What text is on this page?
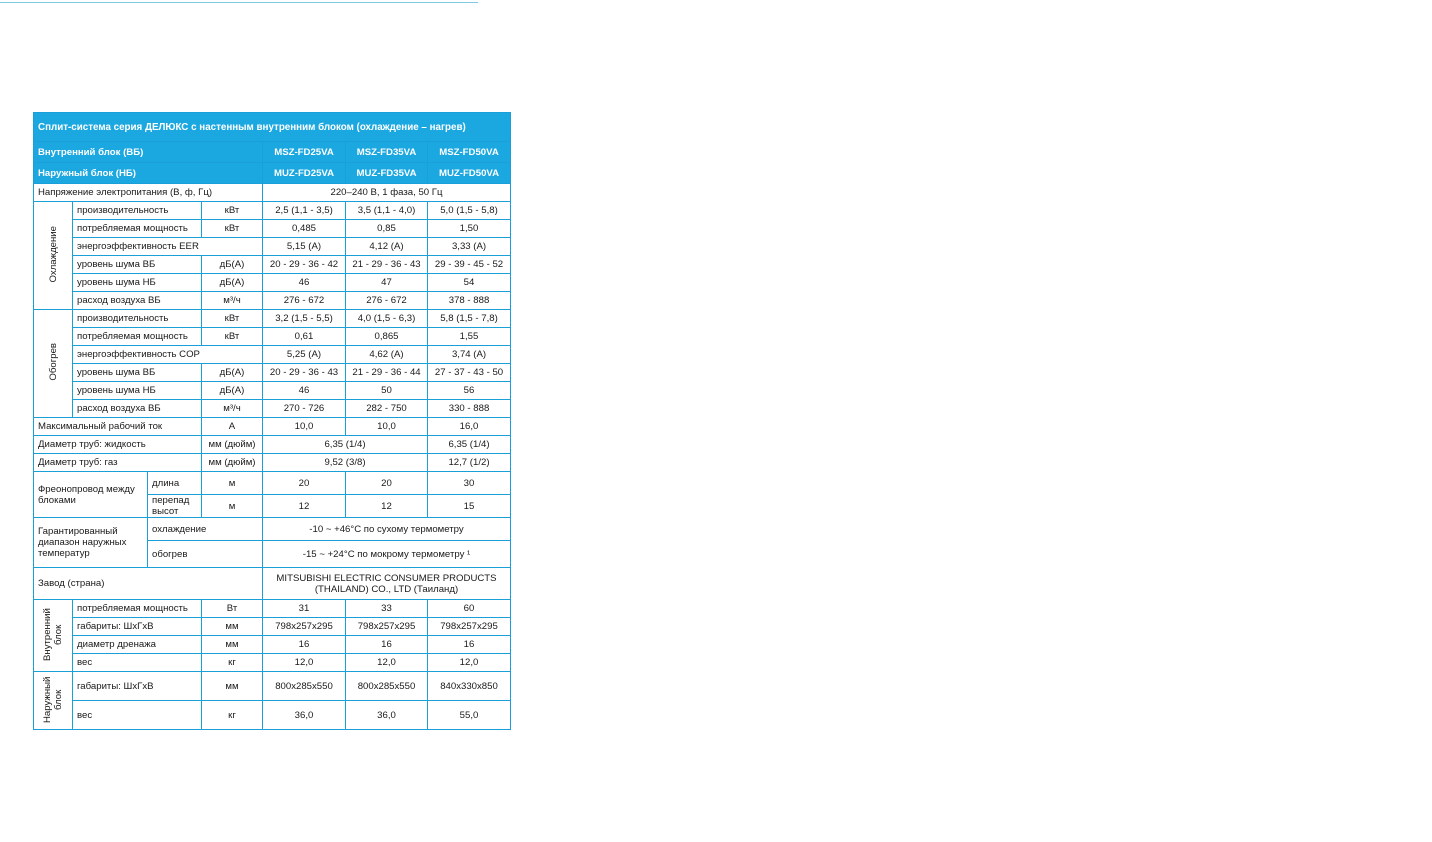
Сплит-система серия ДЕЛЮКС с настенным внутренним блоком (охлаждение – нагрев)						
Внутренний блок (ВБ)				MSZ-FD25VA	MSZ-FD35VA	MSZ-FD50VA
Наружный блок (НБ)				MUZ-FD25VA	MUZ-FD35VA	MUZ-FD50VA
Напряжение электропитания (В, ф, Гц)				220–240 В, 1 фаза, 50 Гц		
Охлаждение	производительность		кВт	2,5 (1,1 - 3,5)	3,5 (1,1 - 4,0)	5,0 (1,5 - 5,8)
	потребляемая мощность		кВт	0,485	0,85	1,50
	энергоэффективность EER			5,15 (A)	4,12 (A)	3,33 (A)
	уровень шума ВБ		дБ(А)	20 - 29 - 36 - 42	21 - 29 - 36 - 43	29 - 39 - 45 - 52
	уровень шума НБ		дБ(А)	46	47	54
	расход воздуха ВБ		м³/ч	276 - 672	276 - 672	378 - 888
Обогрев	производительность		кВт	3,2 (1,5 - 5,5)	4,0 (1,5 - 6,3)	5,8 (1,5 - 7,8)
	потребляемая мощность		кВт	0,61	0,865	1,55
	энергоэффективность COP			5,25 (A)	4,62 (A)	3,74 (A)
	уровень шума ВБ		дБ(А)	20 - 29 - 36 - 43	21 - 29 - 36 - 44	27 - 37 - 43 - 50
	уровень шума НБ		дБ(А)	46	50	56
	расход воздуха ВБ		м³/ч	270 - 726	282 - 750	330 - 888
Максимальный рабочий ток			А	10,0	10,0	16,0
Диаметр труб: жидкость			мм (дюйм)	6,35 (1/4)		6,35 (1/4)
Диаметр труб: газ			мм (дюйм)	9,52 (3/8)		12,7 (1/2)
Фреонопровод между блоками		длина	м	20	20	30
		перепад высот	м	12	12	15
Гарантированный диапазон наружных температур		охлаждение		-10 ~ +46°С по сухому термометру		
		обогрев		-15 ~ +24°С по мокрому термометру ¹		
Завод (страна)				MITSUBISHI ELECTRIC CONSUMER PRODUCTS (THAILAND) CO., LTD (Таиланд)		
Внутренний блок	потребляемая мощность		Вт	31	33	60
	габариты: ШхГхВ		мм	798x257x295	798x257x295	798x257x295
	диаметр дренажа		мм	16	16	16
	вес		кг	12,0	12,0	12,0
Наружный блок	габариты: ШхГхВ		мм	800x285x550	800x285x550	840x330x850
	вес		кг	36,0	36,0	55,0
